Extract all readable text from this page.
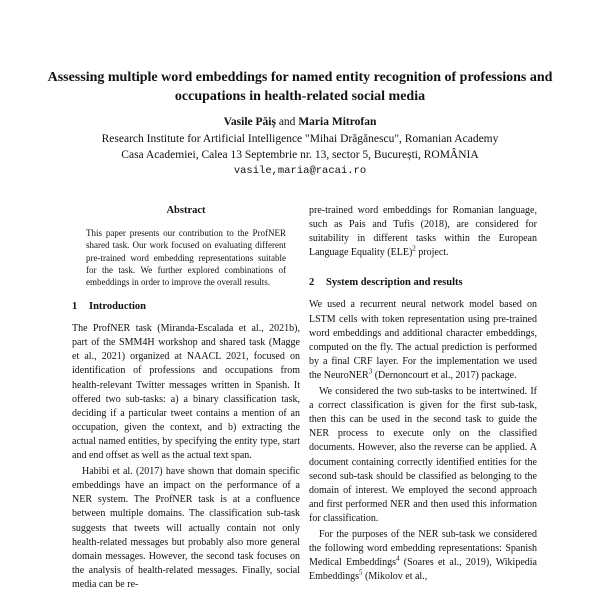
Assessing multiple word embeddings for named entity recognition of professions and occupations in health-related social media
Vasile Păiș and Maria Mitrofan
Research Institute for Artificial Intelligence "Mihai Drăgănescu", Romanian Academy
Casa Academiei, Calea 13 Septembrie nr. 13, sector 5, București, ROMÂNIA
vasile,maria@racai.ro
Abstract
This paper presents our contribution to the ProfNER shared task. Our work focused on evaluating different pre-trained word embedding representations suitable for the task. We further explored combinations of embeddings in order to improve the overall results.
1 Introduction

The ProfNER task (Miranda-Escalada et al., 2021b), part of the SMM4H workshop and shared task (Magge et al., 2021) organized at NAACL 2021, focused on identification of professions and occupations from health-relevant Twitter messages written in Spanish. It offered two sub-tasks: a) a binary classification task, deciding if a particular tweet contains a mention of an occupation, given the context, and b) extracting the actual named entities, by specifying the entity type, start and end offset as well as the actual text span.

Habibi et al. (2017) have shown that domain specific embeddings have an impact on the performance of a NER system. The ProfNER task is at a confluence between multiple domains. The classification sub-task suggests that tweets will actually contain not only health-related messages but probably also more general domain messages. However, the second task focuses on the analysis of health-related messages. Finally, social media can be re-

pre-trained word embeddings for Romanian language, such as Pais and Tufis (2018), are considered for suitability in different tasks within the European Language Equality (ELE)$^2$ project.

2 System description and results

We used a recurrent neural network model based on LSTM cells with token representation using pre-trained word embeddings and additional character embeddings, computed on the fly. The actual prediction is performed by a final CRF layer. For the implementation we used the NeuroNER$^3$ (Dernoncourt et al., 2017) package.

We considered the two sub-tasks to be intertwined. If a correct classification is given for the first sub-task, then this can be used in the second task to guide the NER process to execute only on the classified documents. However, also the reverse can be applied. A document containing correctly identified entities for the second sub-task should be classified as belonging to the domain of interest. We employed the second approach and first performed NER and then used this information for classification.

For the purposes of the NER sub-task we considered the following word embedding representations: Spanish Medical Embeddings$^4$ (Soares et al., 2019), Wikipedia Embeddings$^5$ (Mikolov et al.,
